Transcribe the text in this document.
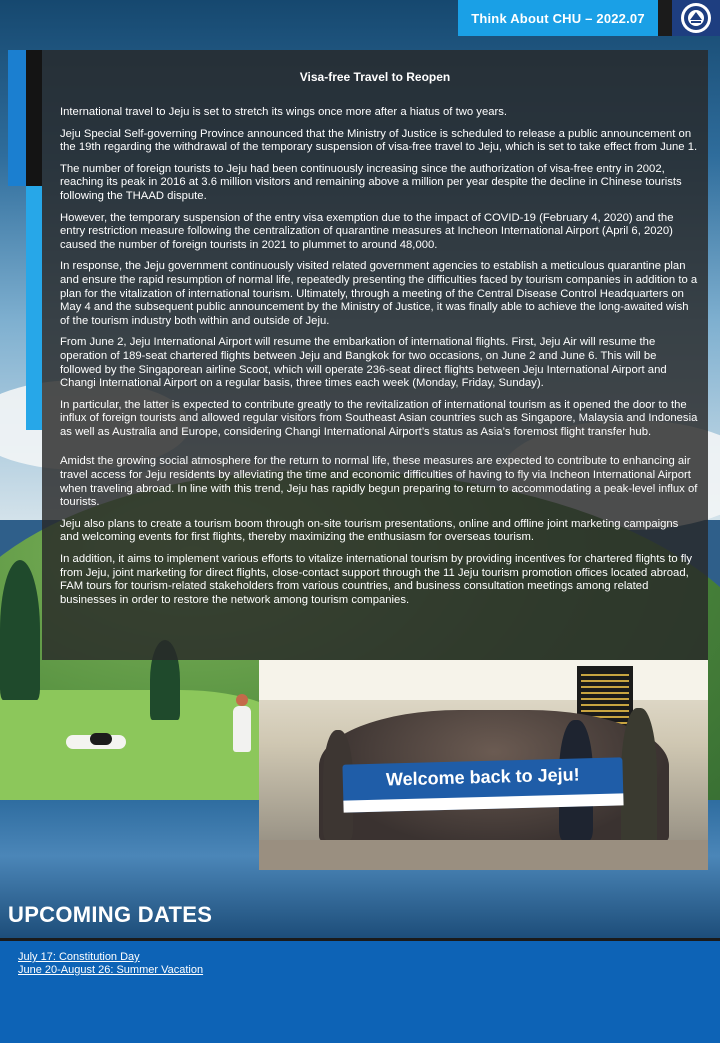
Think About CHU – 2022.07
Visa-free Travel to Reopen

International travel to Jeju is set to stretch its wings once more after a hiatus of two years.

Jeju Special Self-governing Province announced that the Ministry of Justice is scheduled to release a public announcement on the 19th regarding the withdrawal of the temporary suspension of visa-free travel to Jeju, which is set to take effect from June 1.

The number of foreign tourists to Jeju had been continuously increasing since the authorization of visa-free entry in 2002, reaching its peak in 2016 at 3.6 million visitors and remaining above a million per year despite the decline in Chinese tourists following the THAAD dispute.

However, the temporary suspension of the entry visa exemption due to the impact of COVID-19 (February 4, 2020) and the entry restriction measure following the centralization of quarantine measures at Incheon International Airport (April 6, 2020) caused the number of foreign tourists in 2021 to plummet to around 48,000.

In response, the Jeju government continuously visited related government agencies to establish a meticulous quarantine plan and ensure the rapid resumption of normal life, repeatedly presenting the difficulties faced by tourism companies in addition to a plan for the vitalization of international tourism. Ultimately, through a meeting of the Central Disease Control Headquarters on May 4 and the subsequent public announcement by the Ministry of Justice, it was finally able to achieve the long-awaited wish of the tourism industry both within and outside of Jeju.

From June 2, Jeju International Airport will resume the embarkation of international flights. First, Jeju Air will resume the operation of 189-seat chartered flights between Jeju and Bangkok for two occasions, on June 2 and June 6. This will be followed by the Singaporean airline Scoot, which will operate 236-seat direct flights between Jeju International Airport and Changi International Airport on a regular basis, three times each week (Monday, Friday, Sunday).

In particular, the latter is expected to contribute greatly to the revitalization of international tourism as it opened the door to the influx of foreign tourists and allowed regular visitors from Southeast Asian countries such as Singapore, Malaysia and Indonesia as well as Australia and Europe, considering Changi International Airport’s status as Asia’s foremost flight transfer hub.

Amidst the growing social atmosphere for the return to normal life, these measures are expected to contribute to enhancing air travel access for Jeju residents by alleviating the time and economic difficulties of having to fly via Incheon International Airport when traveling abroad. In line with this trend, Jeju has rapidly begun preparing to return to accommodating a peak-level influx of tourists.

Jeju also plans to create a tourism boom through on-site tourism presentations, online and offline joint marketing campaigns and welcoming events for first flights, thereby maximizing the enthusiasm for overseas tourism.

In addition, it aims to implement various efforts to vitalize international tourism by providing incentives for chartered flights to fly from Jeju, joint marketing for direct flights, close-contact support through the 11 Jeju tourism promotion offices located abroad, FAM tours for tourism-related stakeholders from various countries, and business consultation meetings among related businesses in order to restore the network among tourism companies.

Welcome back to Jeju!
UPCOMING DATES
July 17: Constitution Day
June 20-August 26: Summer Vacation
